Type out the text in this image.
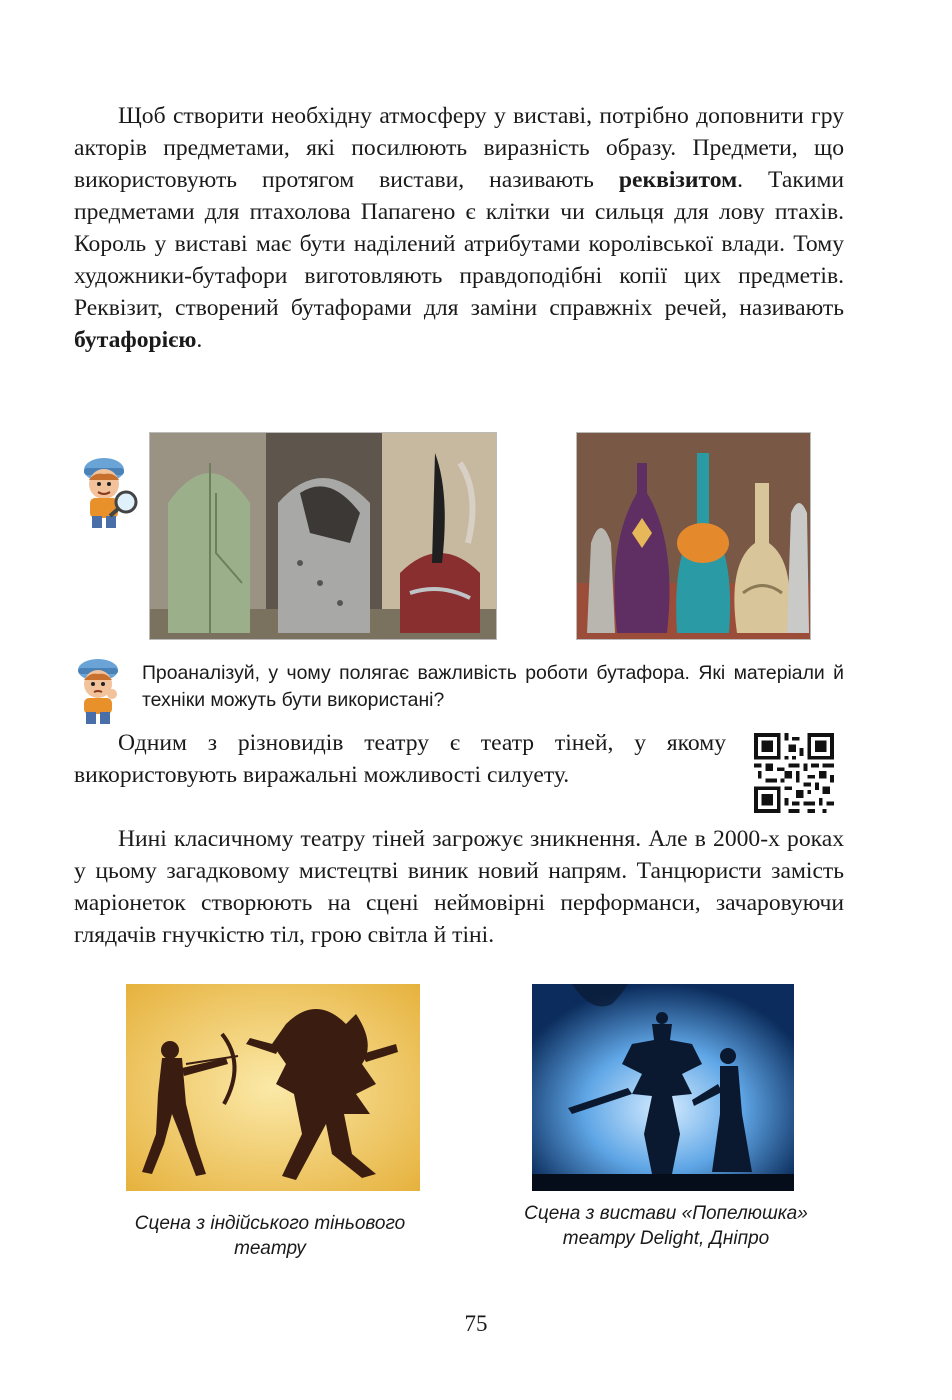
Щоб створити необхідну атмосферу у виставі, потрібно доповнити гру акторів предметами, які посилюють виразність образу. Предмети, що використовують протягом вистави, називають реквізитом. Такими предметами для птахолова Папагено є клітки чи сильця для лову птахів. Король у виставі має бути наділений атрибутами королівської влади. Тому художники-бутафори виготовляють правдоподібні копії цих предметів. Реквізит, створений бутафорами для заміни справжніх речей, називають бутафорією.

Проаналізуй, у чому полягає важливість роботи бутафора. Які матеріали й техніки можуть бути використані?

Одним з різновидів театру є театр тіней, у якому використовують виражальні можливості силуету.

Нині класичному театру тіней загрожує зникнення. Але в 2000-х роках у цьому загадковому мистецтві виник новий напрям. Танцюристи замість маріонеток створюють на сцені неймовірні перформанси, зачаровуючи глядачів гнучкістю тіл, грою світла й тіні.

Сцена з індійського тіньового театру

Сцена з вистави «Попелюшка» театру Delight, Дніпро

75
